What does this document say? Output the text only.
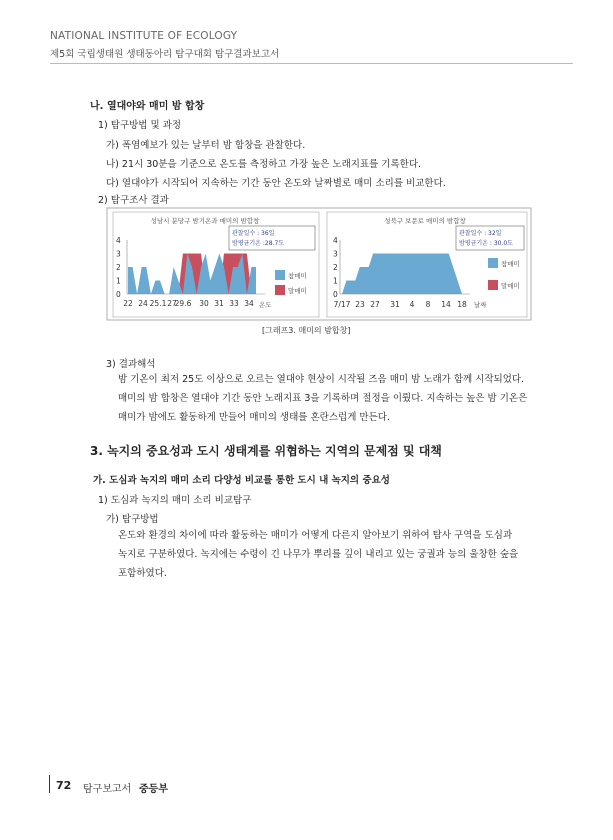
NATIONAL INSTITUTE OF ECOLOGY
제5회 국립생태원 생태동아리 탐구대회 탐구결과보고서
나. 열대야와 매미 밤 합창
1) 탐구방법 및 과정
가) 폭염예보가 있는 날부터 밤 합창을 관찰한다.
나) 21시 30분을 기준으로 온도를 측정하고 가장 높은 노래지표를 기록한다.
다) 열대야가 시작되어 지속하는 기간 동안 온도와 날짜별로 매미 소리를 비교한다.
2) 탐구조사 결과
성남시 분당구 밤기온과 매미의 밤합창
관찰일수 : 36일
밤평균기온 :28.7도
온도
참매미
말매미
4
3
2
1
0
22 24 25.1 27
29.6 30 31 33 34
성북구 보문로 매미의 밤합창
관찰일수 : 32일
밤평균기온 : 30.0도
날짜
참매미
말매미
4
3
2
1
0
7/17 23 27 31 4 8 14 18
[그래프3. 매미의 밤합창]
3) 결과해석
밤 기온이 최저 25도 이상으로 오르는 열대야 현상이 시작될 즈음 매미 밤 노래가 함께 시작되었다.
매미의 밤 합창은 열대야 기간 동안 노래지표 3을 기록하며 절정을 이뤘다. 지속하는 높은 밤 기온은
매미가 밤에도 활동하게 만들어 매미의 생태를 혼란스럽게 만든다.
3. 녹지의 중요성과 도시 생태계를 위협하는 지역의 문제점 및 대책
가. 도심과 녹지의 매미 소리 다양성 비교를 통한 도시 내 녹지의 중요성
1) 도심과 녹지의 매미 소리 비교탐구
가) 탐구방법
온도와 환경의 차이에 따라 활동하는 매미가 어떻게 다른지 알아보기 위하여 탐사 구역을 도심과
녹지로 구분하였다. 녹지에는 수령이 긴 나무가 뿌리를 깊이 내리고 있는 궁궐과 능의 울창한 숲을
포함하였다.
72 탐구보고서 중등부
